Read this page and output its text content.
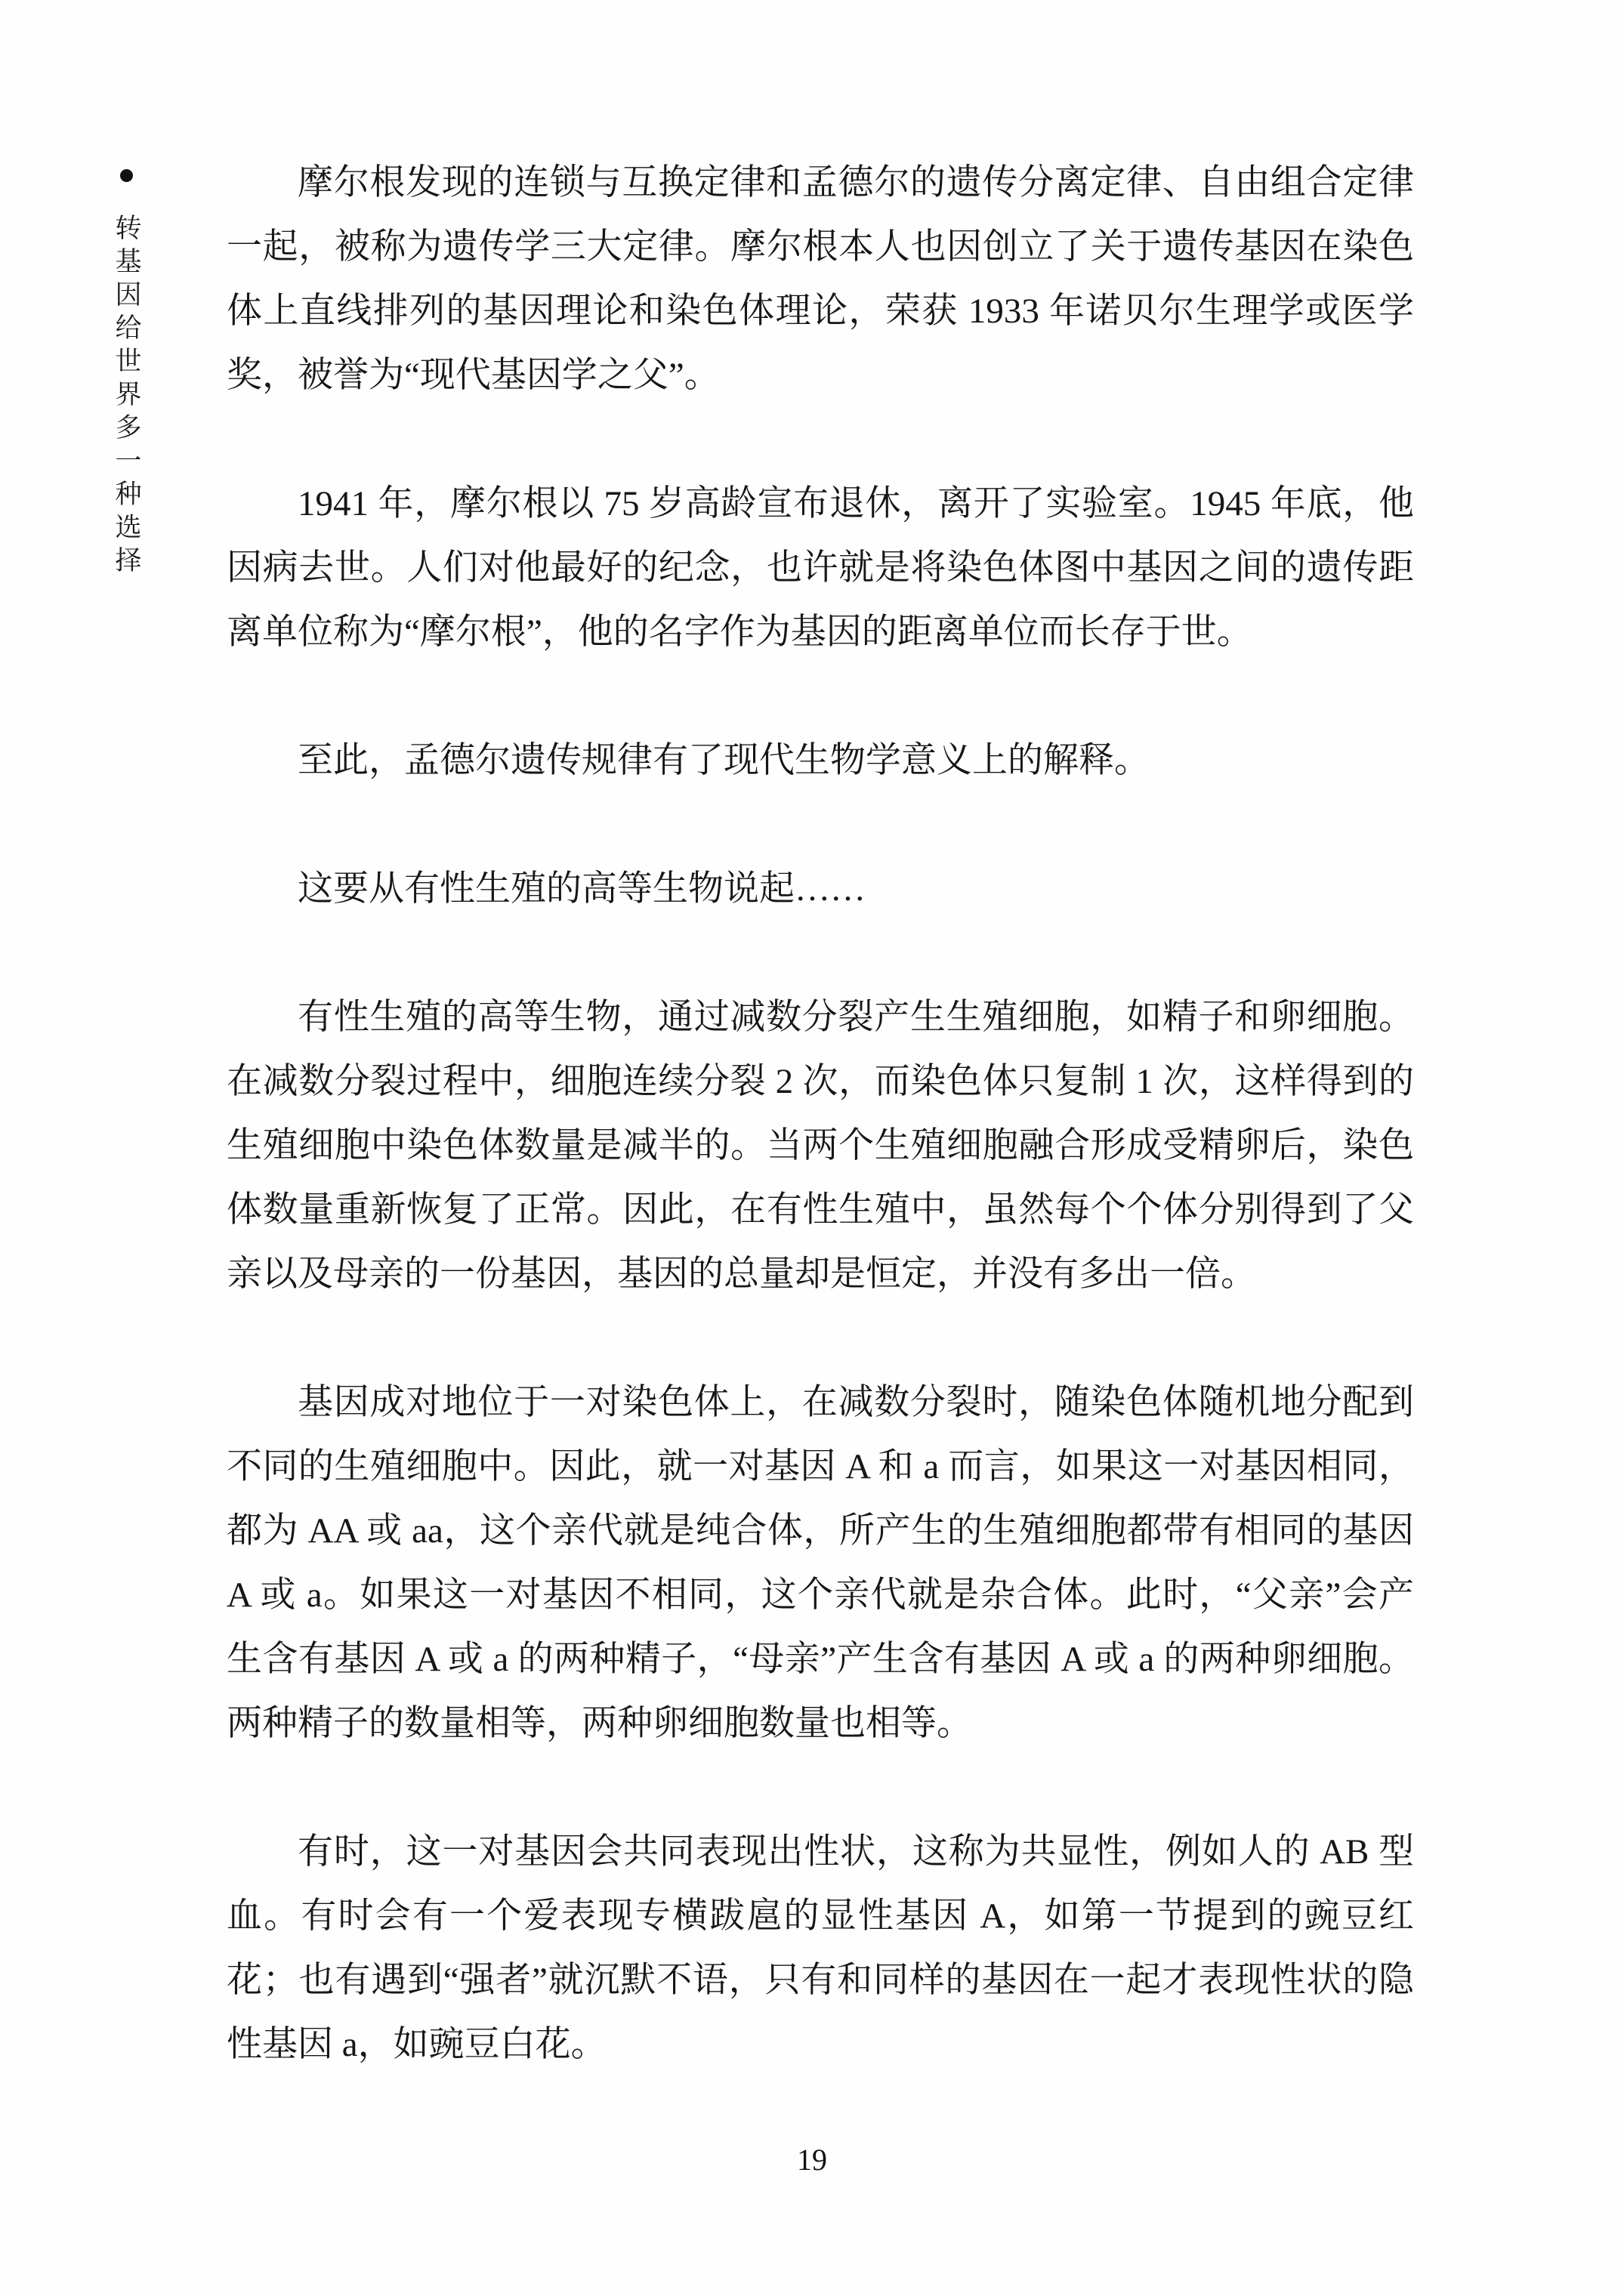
转基因给世界多一种选择

摩尔根发现的连锁与互换定律和孟德尔的遗传分离定律、自由组合定律一起，被称为遗传学三大定律。摩尔根本人也因创立了关于遗传基因在染色体上直线排列的基因理论和染色体理论，荣获 1933 年诺贝尔生理学或医学奖，被誉为“现代基因学之父”。

1941 年，摩尔根以 75 岁高龄宣布退休，离开了实验室。1945 年底，他因病去世。人们对他最好的纪念，也许就是将染色体图中基因之间的遗传距离单位称为“摩尔根”，他的名字作为基因的距离单位而长存于世。

至此，孟德尔遗传规律有了现代生物学意义上的解释。

这要从有性生殖的高等生物说起……

有性生殖的高等生物，通过减数分裂产生生殖细胞，如精子和卵细胞。在减数分裂过程中，细胞连续分裂 2 次，而染色体只复制 1 次，这样得到的生殖细胞中染色体数量是减半的。当两个生殖细胞融合形成受精卵后，染色体数量重新恢复了正常。因此，在有性生殖中，虽然每个个体分别得到了父亲以及母亲的一份基因，基因的总量却是恒定，并没有多出一倍。

基因成对地位于一对染色体上，在减数分裂时，随染色体随机地分配到不同的生殖细胞中。因此，就一对基因 A 和 a 而言，如果这一对基因相同，都为 AA 或 aa，这个亲代就是纯合体，所产生的生殖细胞都带有相同的基因 A 或 a。如果这一对基因不相同，这个亲代就是杂合体。此时，“父亲”会产生含有基因 A 或 a 的两种精子，“母亲”产生含有基因 A 或 a 的两种卵细胞。两种精子的数量相等，两种卵细胞数量也相等。

有时，这一对基因会共同表现出性状，这称为共显性，例如人的 AB 型血。有时会有一个爱表现专横跋扈的显性基因 A，如第一节提到的豌豆红花；也有遇到“强者”就沉默不语，只有和同样的基因在一起才表现性状的隐性基因 a，如豌豆白花。

19
